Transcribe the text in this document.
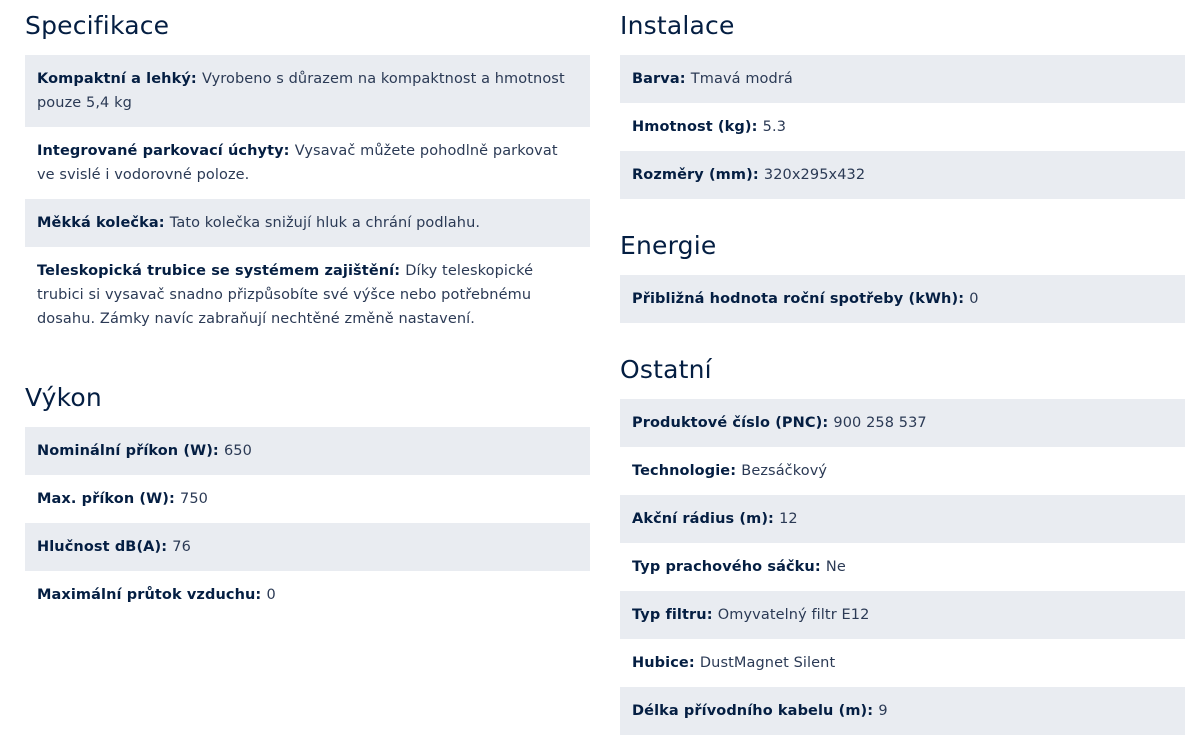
Specifikace
Kompaktní a lehký: Vyrobeno s důrazem na kompaktnost a hmotnost pouze 5,4 kg
Integrované parkovací úchyty: Vysavač můžete pohodlně parkovat ve svislé i vodorovné poloze.
Měkká kolečka: Tato kolečka snižují hluk a chrání podlahu.
Teleskopická trubice se systémem zajištění: Díky teleskopické trubici si vysavač snadno přizpůsobíte své výšce nebo potřebnému dosahu. Zámky navíc zabraňují nechtěné změně nastavení.
Výkon
Nominální příkon (W): 650
Max. příkon (W): 750
Hlučnost dB(A): 76
Maximální průtok vzduchu: 0
Instalace
Barva: Tmavá modrá
Hmotnost (kg): 5.3
Rozměry (mm): 320x295x432
Energie
Přibližná hodnota roční spotřeby (kWh): 0
Ostatní
Produktové číslo (PNC): 900 258 537
Technologie: Bezsáčkový
Akční rádius (m): 12
Typ prachového sáčku: Ne
Typ filtru: Omyvatelný filtr E12
Hubice: DustMagnet Silent
Délka přívodního kabelu (m): 9
